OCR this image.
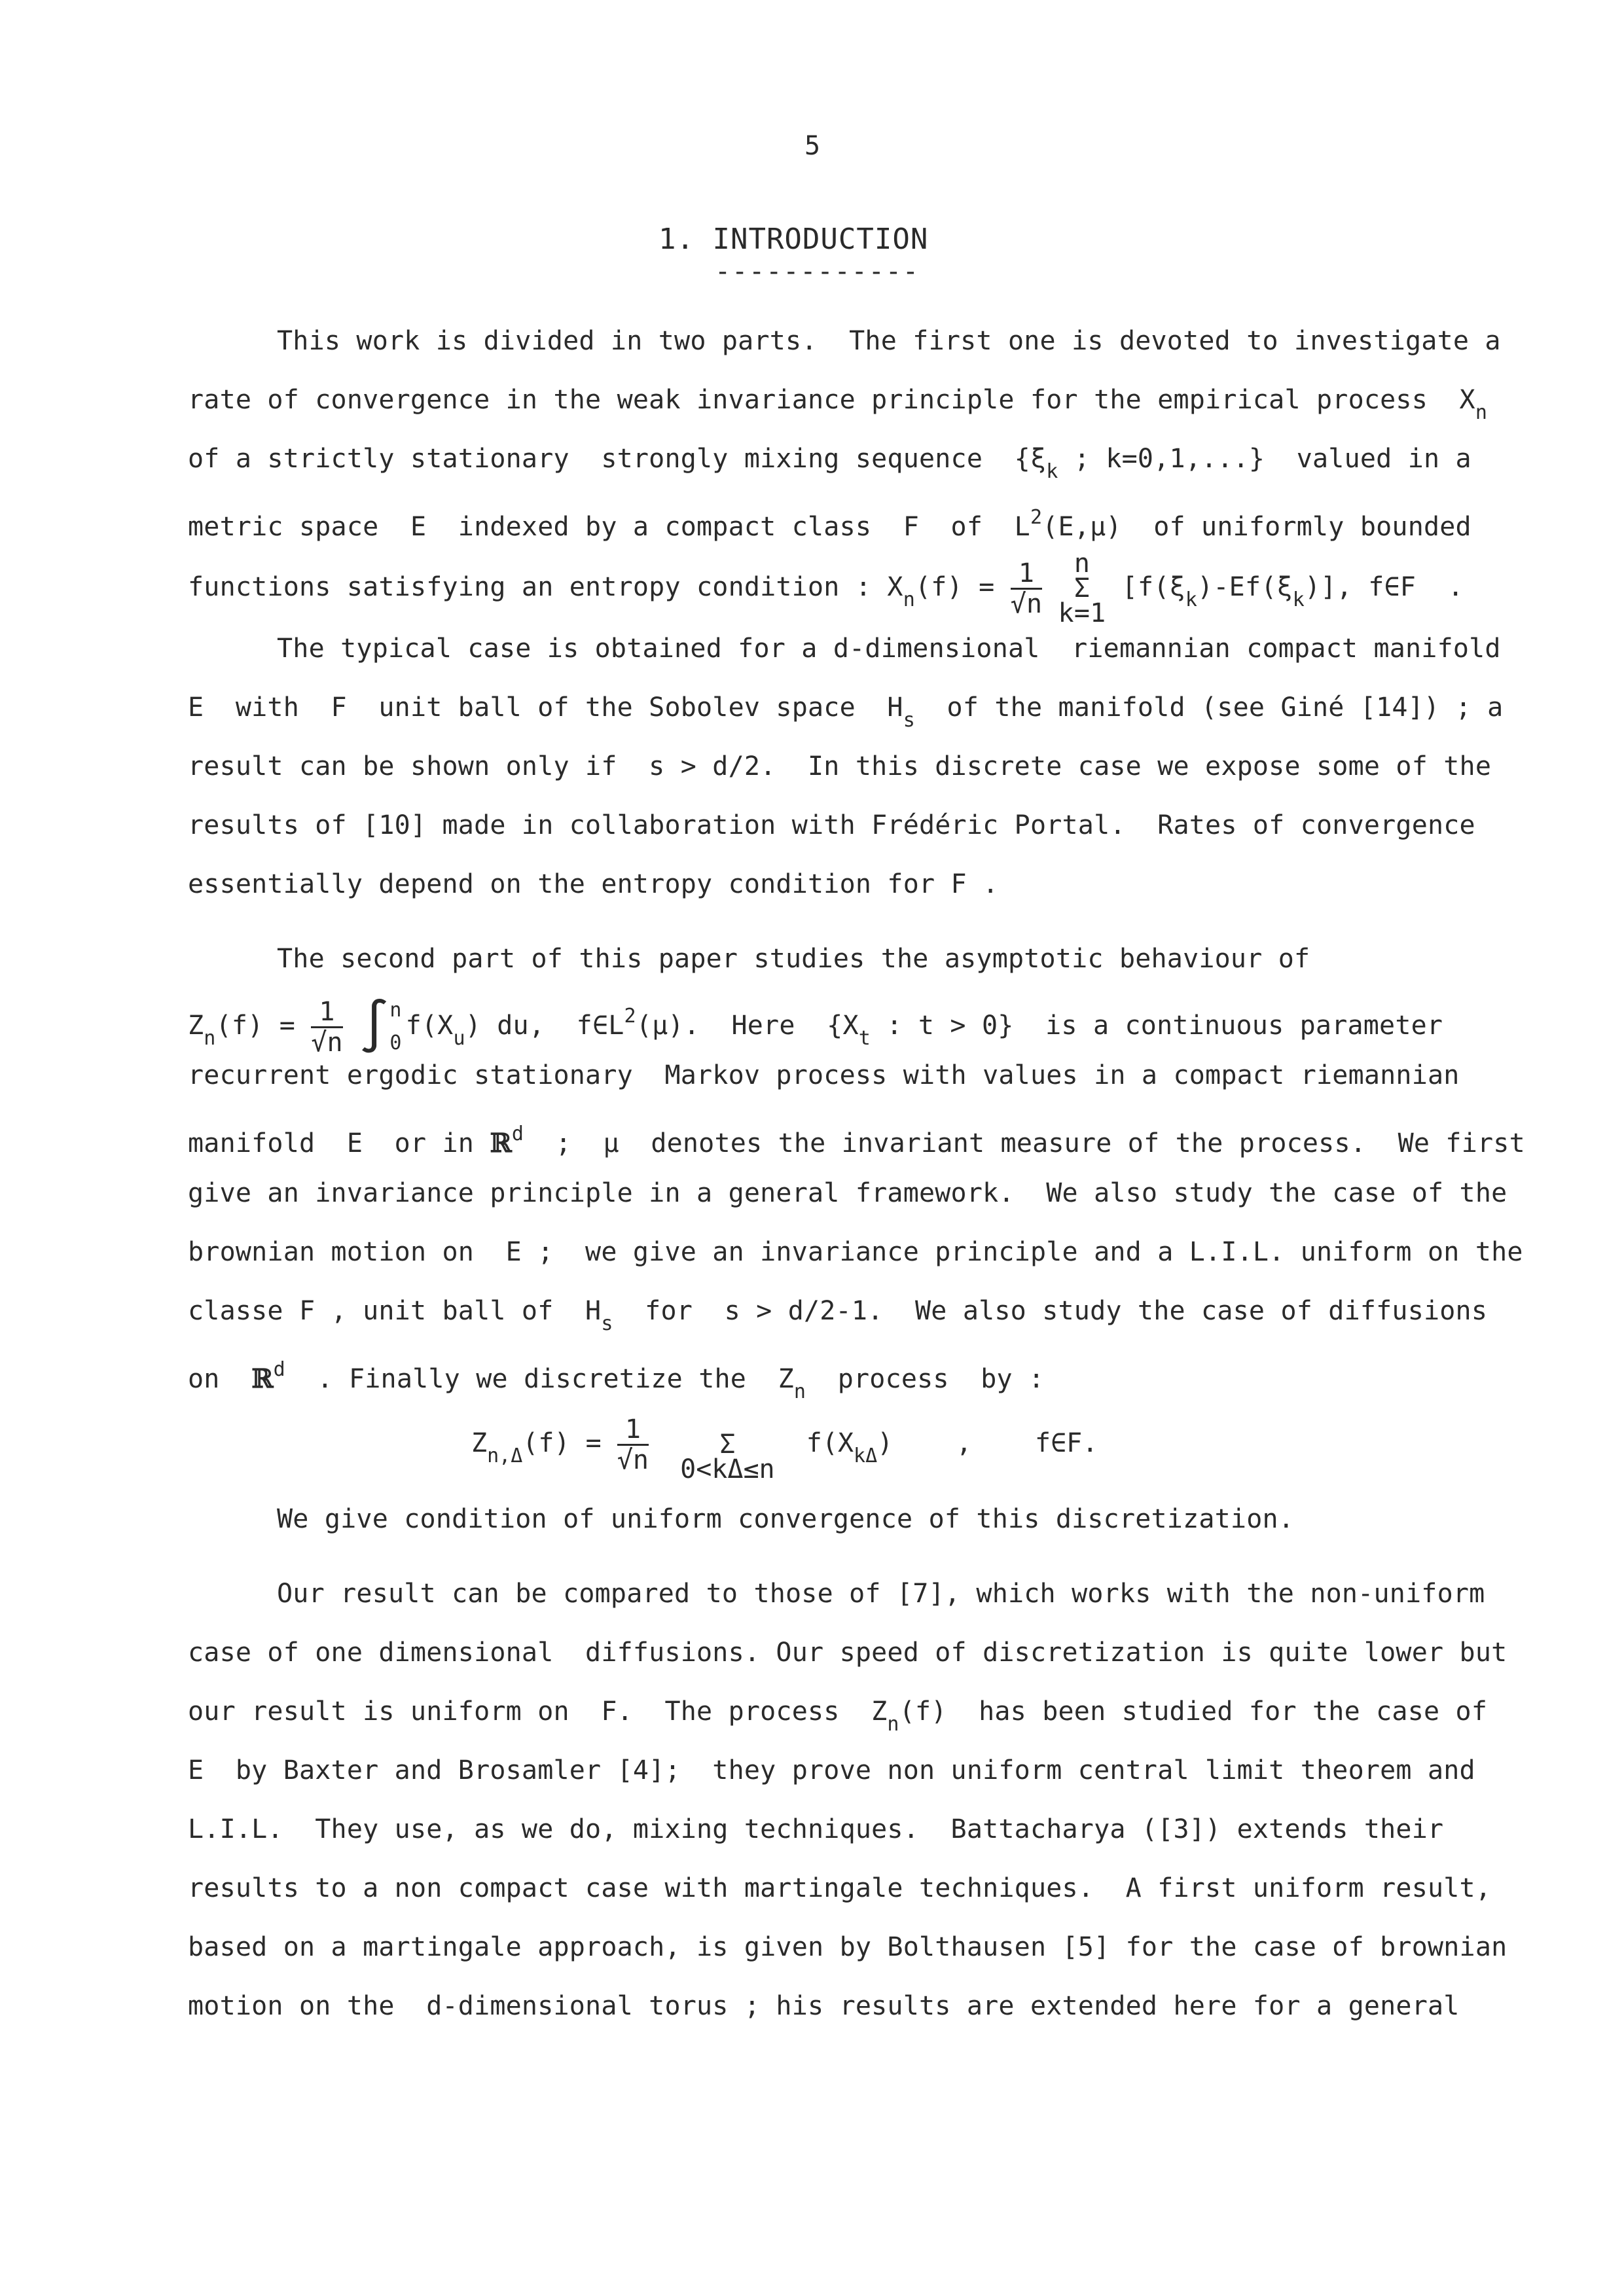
5
1. INTRODUCTION
------------
This work is divided in two parts.  The first one is devoted to investigate a
rate of convergence in the weak invariance principle for the empirical process  $X_n$
of a strictly stationary  strongly mixing sequence  {$\xi_k$ ; k=0,1,...}  valued in a
metric space  E  indexed by a compact class  F  of  $L^2(E,\mu)$  of uniformly bounded
functions satisfying an entropy condition : $X_n(f) = \frac{1}{√n}$
	n
Σ
k=1
$[f(\xi_k)-Ef(\xi_k)]$, f∈F  .
The typical case is obtained for a d-dimensional  riemannian compact manifold
E  with  F  unit ball of the Sobolev space  $H_s$  of the manifold (see Giné [14]) ; a
result can be shown only if  s > d/2.  In this discrete case we expose some of the
results of [10] made in collaboration with Frédéric Portal.  Rates of convergence
essentially depend on the entropy condition for F .
The second part of this paper studies the asymptotic behaviour of
$Z_n(f) = \frac{1}{√n}$ ∫ n
0
$f(X_u)$ du,  $f\in L^2(\mu)$.  Here  {$X_t$ : t > 0}  is a continuous parameter
recurrent ergodic stationary  Markov process with values in a compact riemannian
manifold  E  or in ℝ$^d$  ;  μ  denotes the invariant measure of the process.  We first
give an invariance principle in a general framework.  We also study the case of the
brownian motion on  E ;  we give an invariance principle and a L.I.L. uniform on the
classe F , unit ball of  $H_s$  for  s > d/2-1.  We also study the case of diffusions
on  ℝ$^d$  . Finally we discretize the  $Z_n$  process  by :
$Z_{n,\Delta}(f) = \frac{1}{√n}$

	Σ
0<kΔ≤n
$f(X_{k\Delta})$    ,    f∈F.
We give condition of uniform convergence of this discretization.
Our result can be compared to those of [7], which works with the non-uniform
case of one dimensional  diffusions. Our speed of discretization is quite lower but
our result is uniform on  F.  The process  $Z_n(f)$  has been studied for the case of
E  by Baxter and Brosamler [4];  they prove non uniform central limit theorem and
L.I.L.  They use, as we do, mixing techniques.  Battacharya ([3]) extends their
results to a non compact case with martingale techniques.  A first uniform result,
based on a martingale approach, is given by Bolthausen [5] for the case of brownian
motion on the  d-dimensional torus ; his results are extended here for a general
